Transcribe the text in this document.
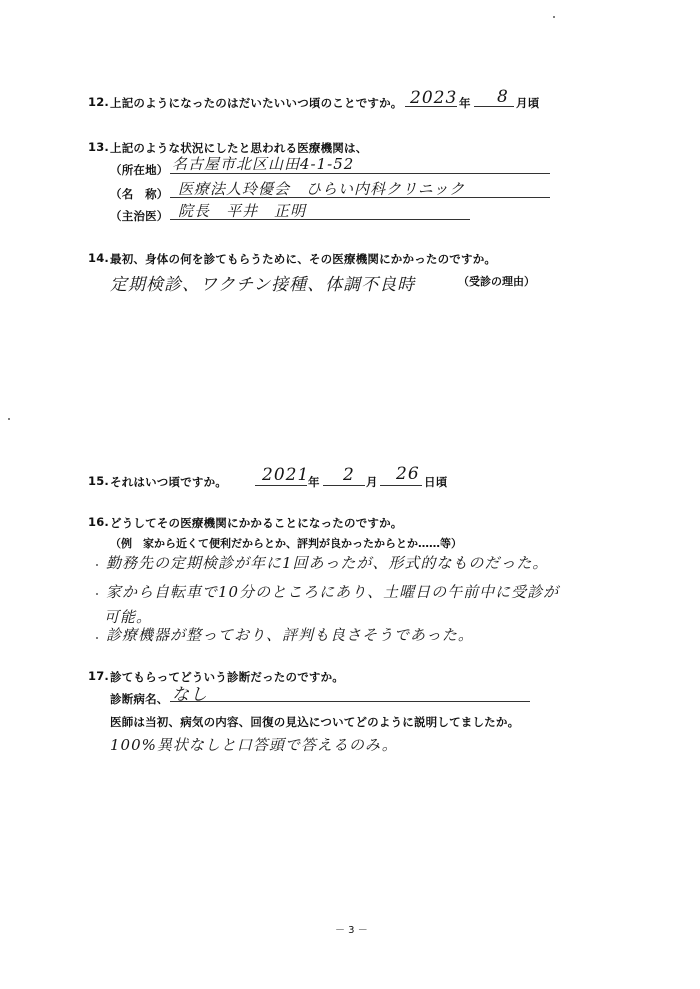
12. 上記のようになったのはだいたいいつ頃のことですか。 2023 年 8 月頃
13. 上記のような状況にしたと思われる医療機関は、
（所在地） 名古屋市北区山田4-1-52
（名　称） 医療法人玲優会　ひらい内科クリニック
（主治医） 院長　平井　正明
14. 最初、身体の何を診てもらうために、その医療機関にかかったのですか。
定期検診、ワクチン接種、体調不良時	（受診の理由）
15. それはいつ頃ですか。 2021
年 2 月 26 日頃
16. どうしてその医療機関にかかることになったのですか。
（例　家から近くて便利だからとか、評判が良かったからとか……等）
勤務先の定期検診が年に1回あったが、形式的なものだった。
家から自転車で10分のところにあり、土曜日の午前中に受診が
可能。
診療機器が整っており、評判も良さそうであった。
17. 診てもらってどういう診断だったのですか。
診断病名、 なし
医師は当初、病気の内容、回復の見込についてどのように説明してましたか。
100%異状なしと口答頭で答えるのみ。
－ 3 －
